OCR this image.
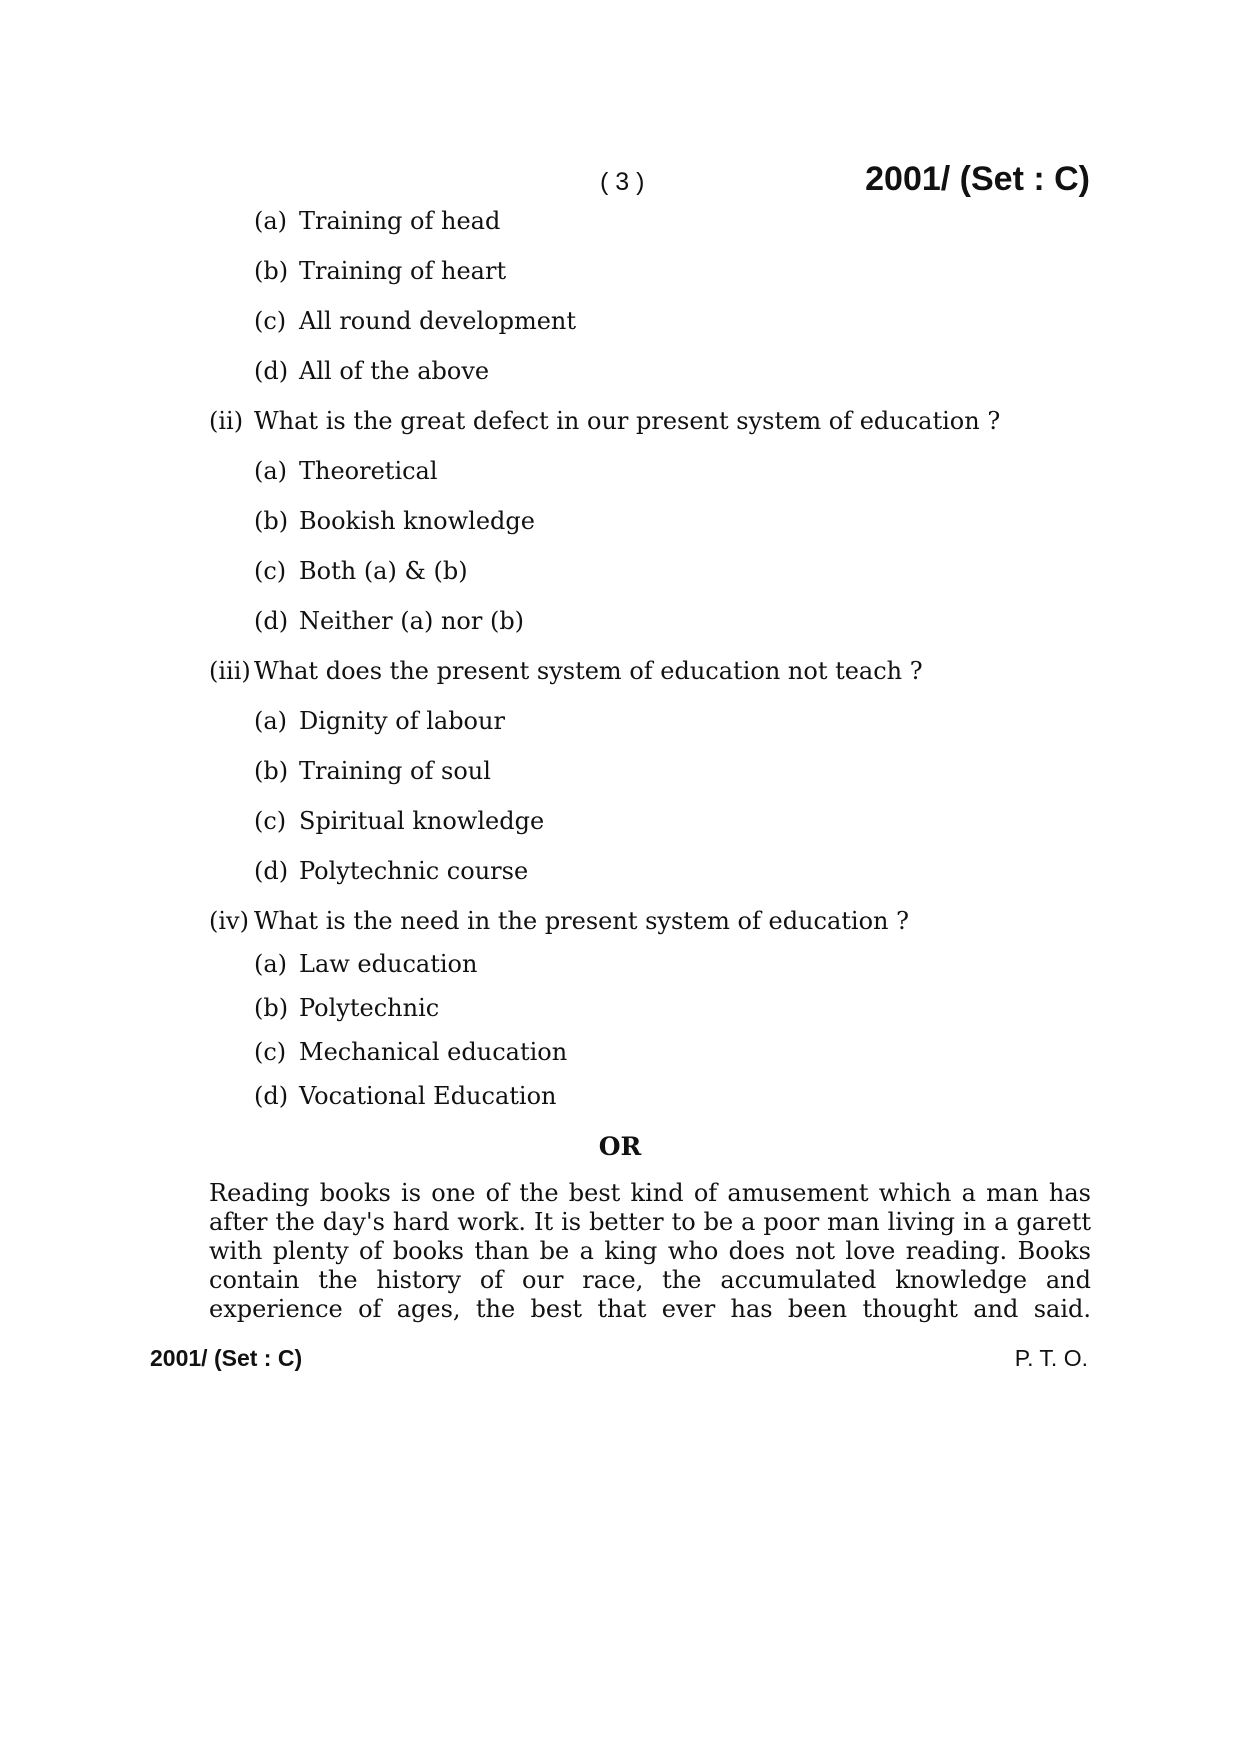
( 3 )	2001/ (Set : C)
(a) Training of head
(b) Training of heart
(c) All round development
(d) All of the above
(ii) What is the great defect in our present system of education ?
(a) Theoretical
(b) Bookish knowledge
(c) Both (a) & (b)
(d) Neither (a) nor (b)
(iii) What does the present system of education not teach ?
(a) Dignity of labour
(b) Training of soul
(c) Spiritual knowledge
(d) Polytechnic course
(iv) What is the need in the present system of education ?
(a) Law education
(b) Polytechnic
(c) Mechanical education
(d) Vocational Education
OR
Reading books is one of the best kind of amusement which a man has after the day's hard work. It is better to be a poor man living in a garett with plenty of books than be a king who does not love reading. Books contain the history of our race, the accumulated knowledge and experience of ages, the best that ever has been thought and said.
2001/ (Set : C)	P. T. O.
